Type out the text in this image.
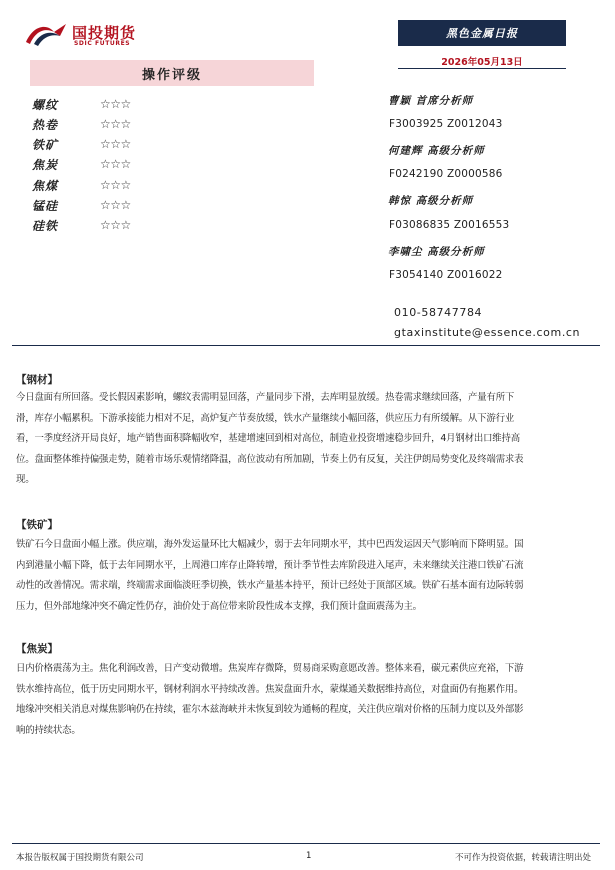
国投期货
SDIC FUTURES
黑色金属日报
2026年05月13日
操作评级
螺纹	☆☆☆
热卷	☆☆☆
铁矿	☆☆☆
焦炭	☆☆☆
焦煤	☆☆☆
锰硅	☆☆☆
硅铁	☆☆☆
曹颖 首席分析师
F3003925 Z0012043
何建辉 高级分析师
F0242190 Z0000586
韩惊 高级分析师
F03086835 Z0016553
李啸尘 高级分析师
F3054140 Z0016022
010-58747784
gtaxinstitute@essence.com.cn
【钢材】
今日盘面有所回落。受长假因素影响，螺纹表需明显回落，产量同步下滑，去库明显放缓。热卷需求继续回落，产量有所下
滑，库存小幅累积。下游承接能力相对不足，高炉复产节奏放缓，铁水产量继续小幅回落，供应压力有所缓解。从下游行业
看，一季度经济开局良好，地产销售面积降幅收窄，基建增速回到相对高位，制造业投资增速稳步回升，4月钢材出口维持高
位。盘面整体维持偏强走势，随着市场乐观情绪降温，高位波动有所加剧，节奏上仍有反复，关注伊朗局势变化及终端需求表
现。
【铁矿】
铁矿石今日盘面小幅上涨。供应端，海外发运量环比大幅减少，弱于去年同期水平，其中巴西发运因天气影响而下降明显。国
内到港量小幅下降，低于去年同期水平，上周港口库存止降转增，预计季节性去库阶段进入尾声，未来继续关注港口铁矿石流
动性的改善情况。需求端，终端需求面临淡旺季切换，铁水产量基本持平，预计已经处于顶部区域。铁矿石基本面有边际转弱
压力，但外部地缘冲突不确定性仍存，油价处于高位带来阶段性成本支撑，我们预计盘面震荡为主。
【焦炭】
日内价格震荡为主。焦化利润改善，日产变动微增。焦炭库存微降，贸易商采购意愿改善。整体来看，碳元素供应充裕，下游
铁水维持高位，低于历史同期水平，钢材利润水平持续改善。焦炭盘面升水，蒙煤通关数据维持高位，对盘面仍有拖累作用。
地缘冲突相关消息对煤焦影响仍在持续，霍尔木兹海峡并未恢复到较为通畅的程度，关注供应端对价格的压制力度以及外部影
响的持续状态。
本报告版权属于国投期货有限公司	1	不可作为投资依据，转载请注明出处
